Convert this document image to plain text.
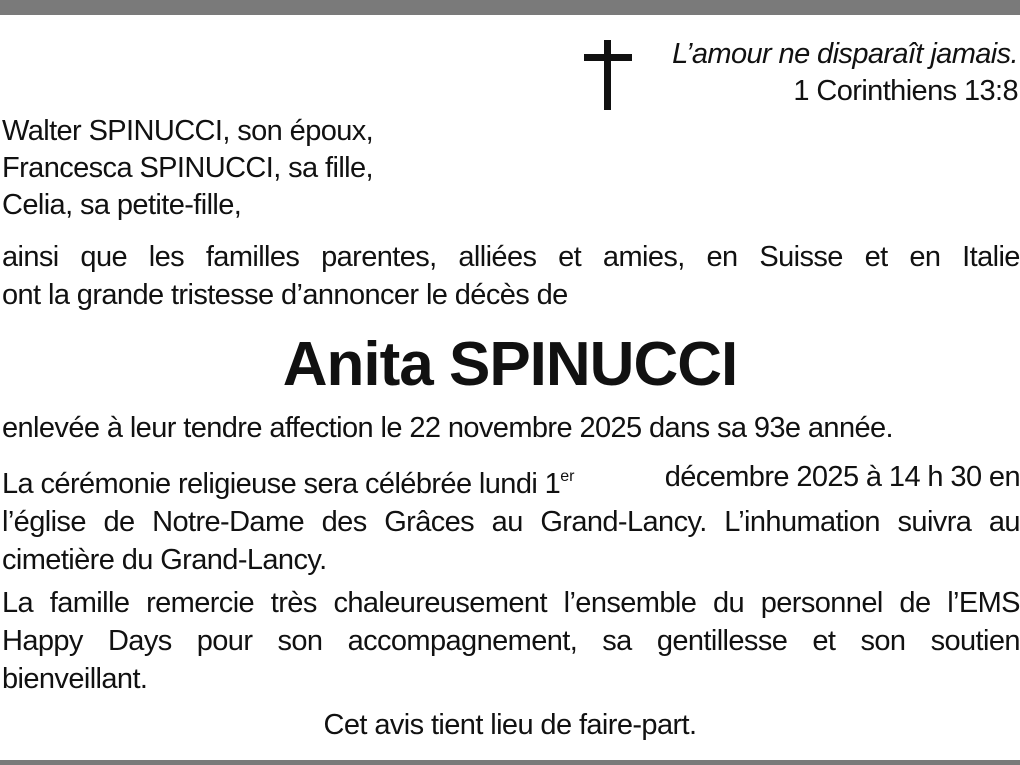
L’amour ne disparaît jamais.
1 Corinthiens 13:8
Walter SPINUCCI, son époux,
Francesca SPINUCCI, sa fille,
Celia, sa petite-fille,
ainsi que les familles parentes, alliées et amies, en Suisse et en Italie
ont la grande tristesse d’annoncer le décès de
Anita SPINUCCI
enlevée à leur tendre affection le 22 novembre 2025 dans sa 93e année.
La cérémonie religieuse sera célébrée lundi 1er	décembre 2025 à 14 h 30 en
l’église de Notre-Dame des Grâces au Grand-Lancy. L’inhumation suivra au
cimetière du Grand-Lancy.
La famille remercie très chaleureusement l’ensemble du personnel de l’EMS
Happy Days pour son accompagnement, sa gentillesse et son soutien
bienveillant.
Cet avis tient lieu de faire-part.
